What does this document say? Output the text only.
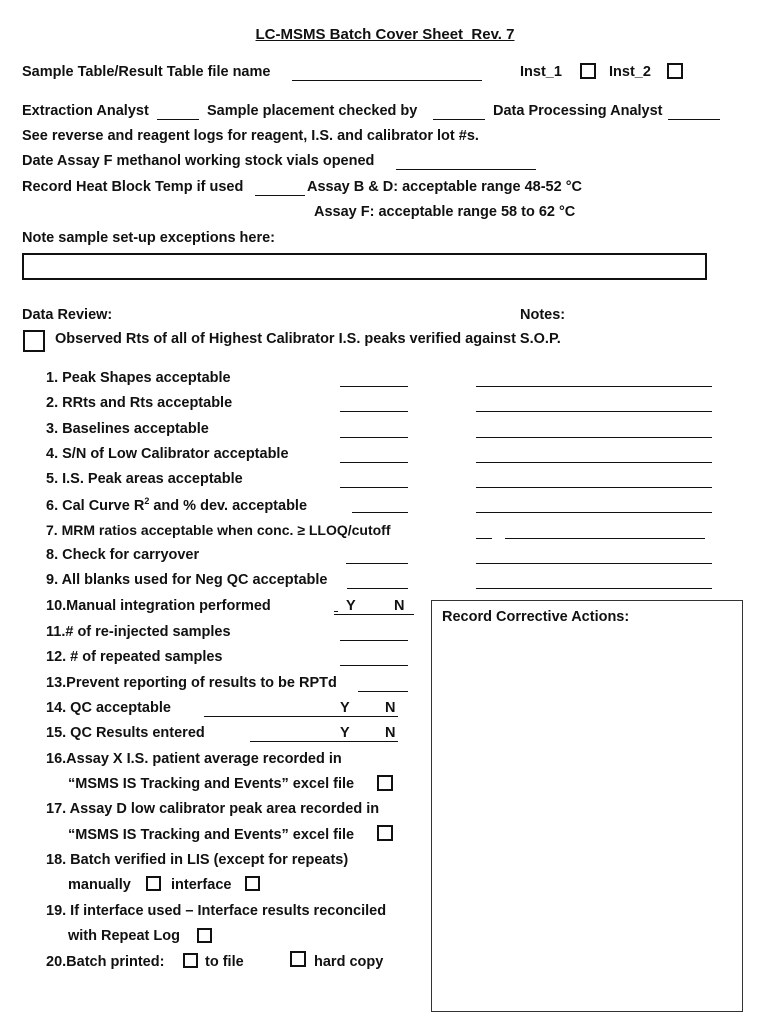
LC-MSMS Batch Cover Sheet_Rev. 7
Sample Table/Result Table file name	Inst_1	Inst_2
Extraction Analyst	Sample placement checked by	Data Processing Analyst
See reverse and reagent logs for reagent, I.S. and calibrator lot #s.
Date Assay F methanol working stock vials opened
Record Heat Block Temp if used	Assay B & D: acceptable range 48-52 °C
Assay F: acceptable range 58 to 62 °C
Note sample set-up exceptions here:
Data Review:	Notes:
Observed Rts of all of Highest Calibrator I.S. peaks verified against S.O.P.
1. Peak Shapes acceptable
2. RRts and Rts acceptable
3. Baselines acceptable
4. S/N of Low Calibrator acceptable
5. I.S. Peak areas acceptable
6. Cal Curve $R^2$ and % dev. acceptable
7. MRM ratios acceptable when conc. ≥ LLOQ/cutoff
8. Check for carryover
9. All blanks used for Neg QC acceptable
10.Manual integration performed	Y	N

11.# of re-injected samples
12. # of repeated samples
13.Prevent reporting of results to be RPTd
14. QC acceptable	Y N
15. QC Results entered	Y N
16.Assay X I.S. patient average recorded in
“MSMS IS Tracking and Events” excel file
17. Assay D low calibrator peak area recorded in
“MSMS IS Tracking and Events” excel file
18. Batch verified in LIS (except for repeats)
manually	interface
19. If interface used – Interface results reconciled
with Repeat Log
20.Batch printed:	to file	hard copy
Record Corrective Actions:
